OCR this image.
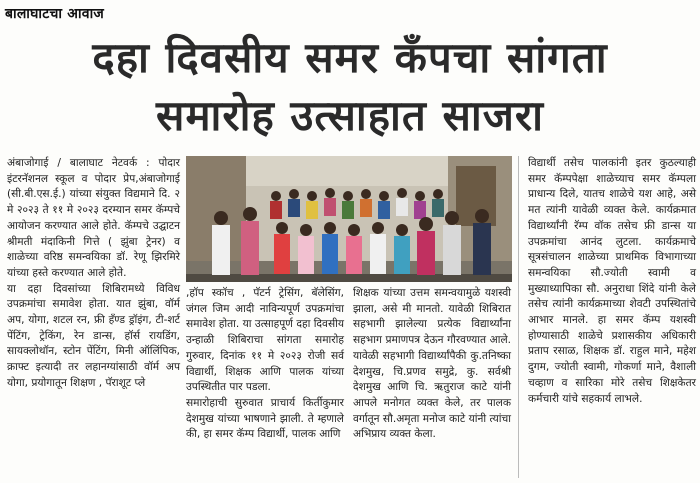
बालाघाटचा आवाज
दहा दिवसीय समर कँपचा सांगता
समारोह उत्साहात साजरा
अंबाजोगाई / बालाघाट नेटवर्क : पोदार इंटरनॅशनल स्कूल व पोदार प्रेप,अंबाजोगाई (सी.बी.एस.ई.) यांच्या संयुक्त विद्यमाने दि. २ मे २०२३ ते ११ मे २०२३ दरम्यान समर कॅम्पचे आयोजन करण्यात आले होते. कॅम्पचे उद्घाटन श्रीमती मंदाकिनी गित्ते ( झुंबा ट्रेनर) व शाळेच्या वरिष्ठ समन्वयिका डॉ. रेणू झिरमिरे यांच्या हस्ते करण्यात आले होते.
या दहा दिवसांच्या शिबिरामध्ये विविध उपक्रमांचा समावेश होता. यात झुंबा, वॉर्म अप, योगा, शटल रन, फ्री हँण्ड ड्रॉइंग, टी-शर्ट पेंटिंग, ट्रेकिंग, रेन डान्स, हॉर्स रायडिंग, सायक्लोथॉन, स्टोन पेंटिंग, मिनी ऑलिंपिक, क्राफ्ट इत्यादी तर लहानग्यांसाठी वॉर्म अप योगा, प्रयोगातून शिक्षण , पॅराशूट प्ले

,हॉप स्कॉच , पॅटर्न ट्रेसिंग, बॅलेसिंग, जंगल जिम आदी नाविन्यपूर्ण उपक्रमांचा समावेश होता. या उत्साहपूर्ण दहा दिवसीय उन्हाळी शिबिराचा सांगता समारोह गुरुवार, दिनांक ११ मे २०२३ रोजी सर्व विद्यार्थी, शिक्षक आणि पालक यांच्या उपस्थितीत पार पडला.
समारोहाची सुरुवात प्राचार्य किर्तीकुमार देशमुख यांच्या भाषणाने झाली. ते म्हणाले की, हा समर कॅम्प विद्यार्थी, पालक आणि

शिक्षक यांच्या उत्तम समन्वयामुळे यशस्वी झाला, असे मी मानतो. यावेळी शिबिरात सहभागी झालेल्या प्रत्येक विद्यार्थ्यांना सहभाग प्रमाणपत्र देऊन गौरवण्यात आले. यावेळी सहभागी विद्यार्थ्यांपैकी कु.तनिष्का देशमुख, चि.प्रणव समुद्रे, कु. सर्वश्री देशमुख आणि चि. ऋतुराज काटे यांनी आपले मनोगत व्यक्त केले, तर पालक वर्गातून सौ.अमृता मनोज काटे यांनी त्यांचा अभिप्राय व्यक्त केला.

विद्यार्थी तसेच पालकांनी इतर कुठल्याही समर कॅम्पपेक्षा शाळेच्याच समर कॅम्पला प्राधान्य दिले, यातच शाळेचे यश आहे, असे मत त्यांनी यावेळी व्यक्त केले. कार्यक्रमात विद्यार्थ्यांनी रॅम्प वॉक तसेच फ्री डान्स या उपक्रमांचा आनंद लुटला. कार्यक्रमाचे सूत्रसंचालन शाळेच्या प्राथमिक विभागाच्या समन्वयिका सौ.ज्योती स्वामी व मुख्याध्यापिका सौ. अनुराधा शिंदे यांनी केले तसेच त्यांनी कार्यक्रमाच्या शेवटी उपस्थितांचे आभार मानले. हा समर कॅम्प यशस्वी होण्यासाठी शाळेचे प्रशासकीय अधिकारी प्रताप रसाळ, शिक्षक डॉ. राहुल माने, महेश दुगम, ज्योती स्वामी, गोकर्णा माने, वैशाली चव्हाण व सारिका मोरे तसेच शिक्षकेतर कर्मचारी यांचे सहकार्य लाभले.
